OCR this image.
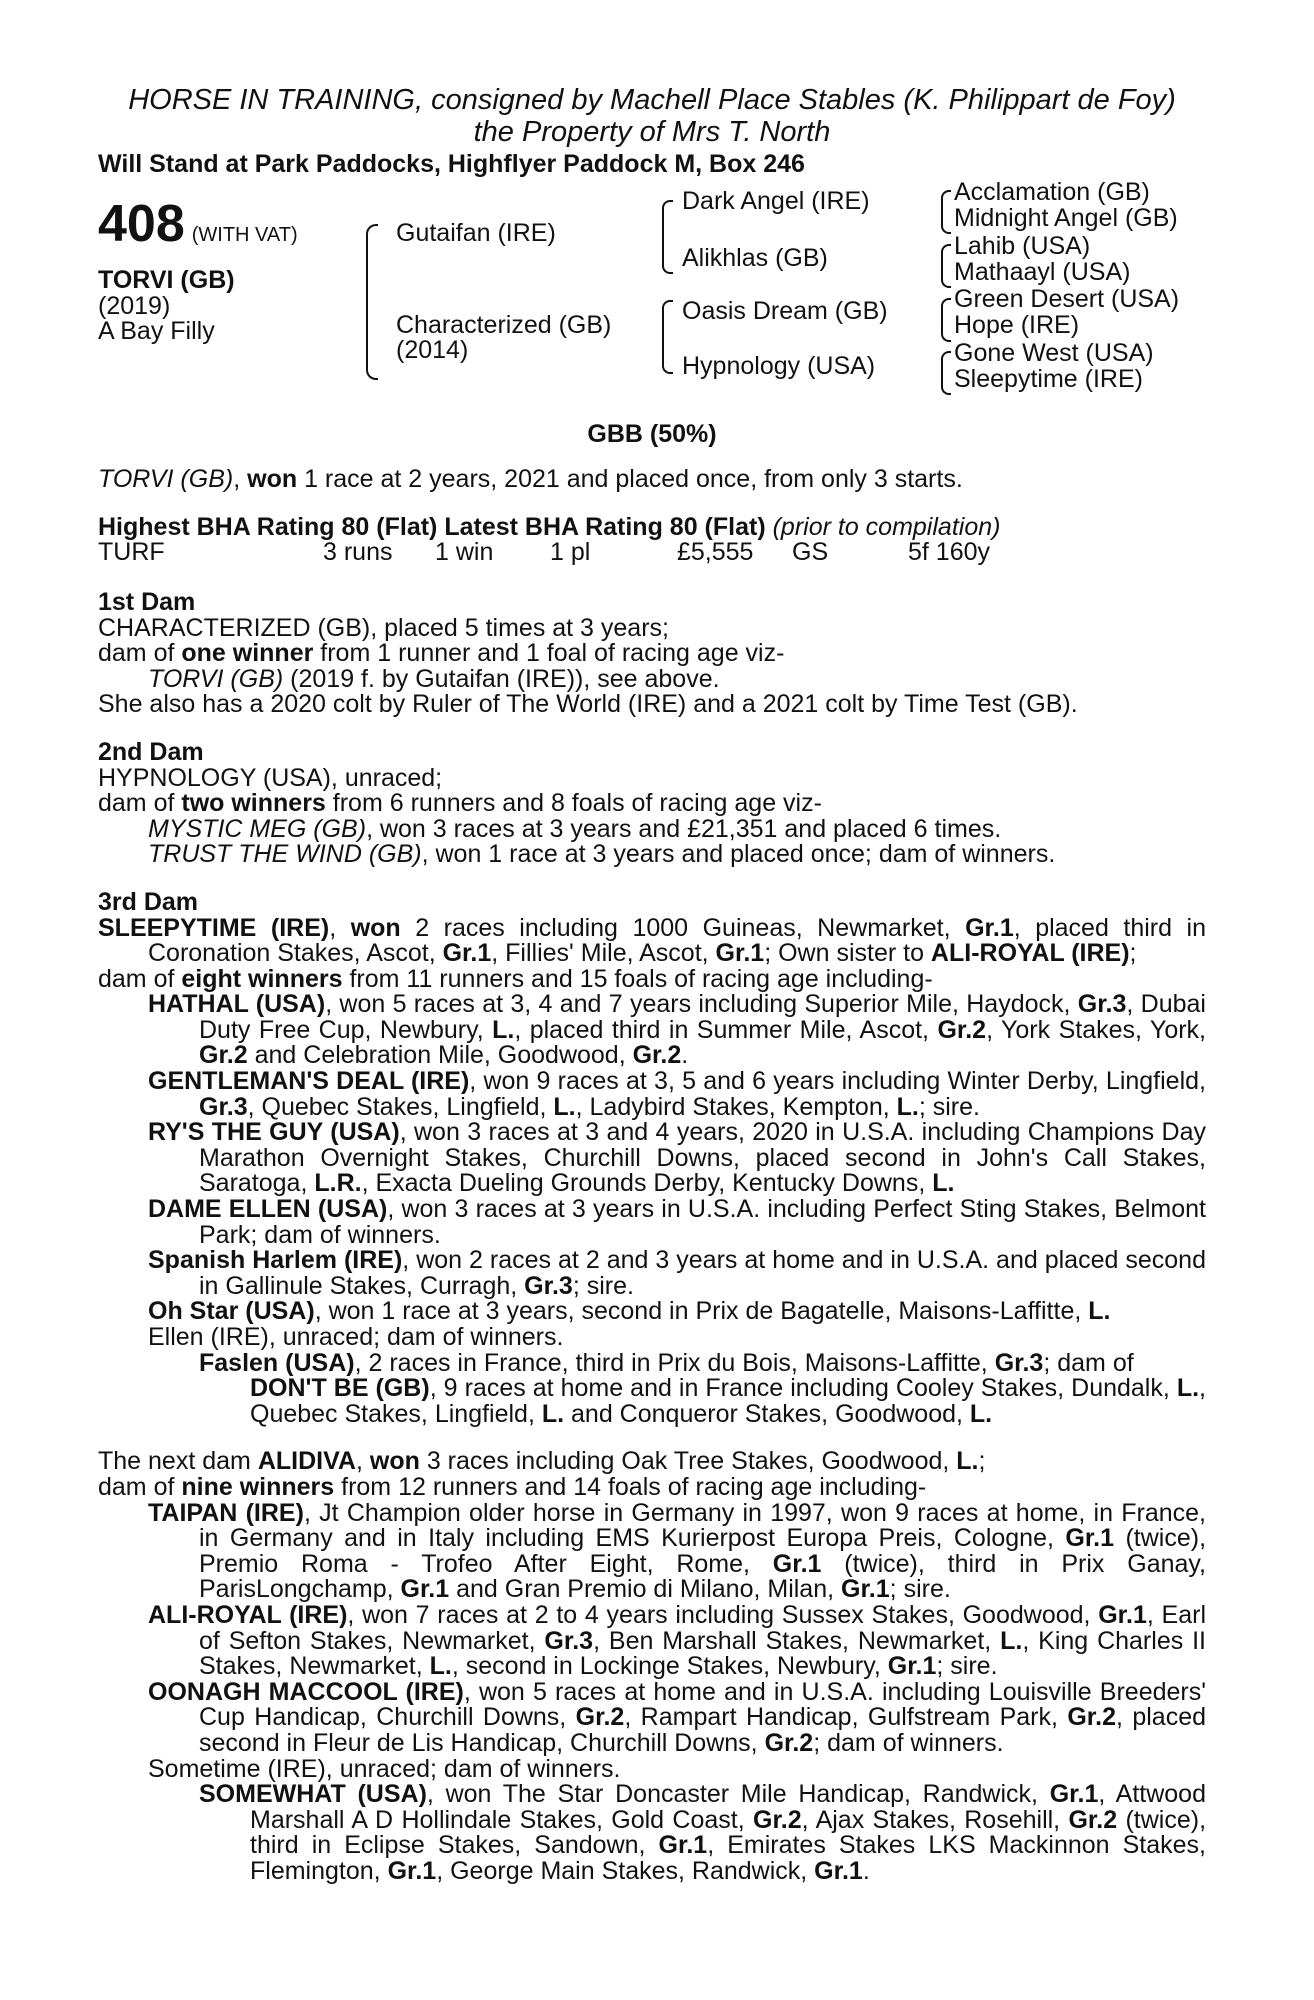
HORSE IN TRAINING, consigned by Machell Place Stables (K. Philippart de Foy)
the Property of Mrs T. North
Will Stand at Park Paddocks, Highflyer Paddock M, Box 246
408 (WITH VAT)
TORVI (GB)
(2019)
A Bay Filly
Gutaifan (IRE)
Characterized (GB)
(2014)
Dark Angel (IRE)
Alikhlas (GB)
Oasis Dream (GB)
Hypnology (USA)
Acclamation (GB)
Midnight Angel (GB)
Lahib (USA)
Mathaayl (USA)
Green Desert (USA)
Hope (IRE)
Gone West (USA)
Sleepytime (IRE)
GBB (50%)

TORVI (GB), won 1 race at 2 years, 2021 and placed once, from only 3 starts.

Highest BHA Rating 80 (Flat) Latest BHA Rating 80 (Flat) (prior to compilation)

TURF	3 runs 1 win 1 pl	£5,555 GS	5f 160y

1st Dam

CHARACTERIZED (GB), placed 5 times at 3 years;

dam of one winner from 1 runner and 1 foal of racing age viz-

TORVI (GB) (2019 f. by Gutaifan (IRE)), see above.

She also has a 2020 colt by Ruler of The World (IRE) and a 2021 colt by Time Test (GB).

2nd Dam

HYPNOLOGY (USA), unraced;

dam of two winners from 6 runners and 8 foals of racing age viz-

MYSTIC MEG (GB), won 3 races at 3 years and £21,351 and placed 6 times.

TRUST THE WIND (GB), won 1 race at 3 years and placed once; dam of winners.

3rd Dam

SLEEPYTIME (IRE), won 2 races including 1000 Guineas, Newmarket, Gr.1, placed third in Coronation Stakes, Ascot, Gr.1, Fillies' Mile, Ascot, Gr.1; Own sister to ALI-ROYAL (IRE);

dam of eight winners from 11 runners and 15 foals of racing age including-

HATHAL (USA), won 5 races at 3, 4 and 7 years including Superior Mile, Haydock, Gr.3, Dubai Duty Free Cup, Newbury, L., placed third in Summer Mile, Ascot, Gr.2, York Stakes, York, Gr.2 and Celebration Mile, Goodwood, Gr.2.

GENTLEMAN'S DEAL (IRE), won 9 races at 3, 5 and 6 years including Winter Derby, Lingfield, Gr.3, Quebec Stakes, Lingfield, L., Ladybird Stakes, Kempton, L.; sire.

RY'S THE GUY (USA), won 3 races at 3 and 4 years, 2020 in U.S.A. including Champions Day Marathon Overnight Stakes, Churchill Downs, placed second in John's Call Stakes, Saratoga, L.R., Exacta Dueling Grounds Derby, Kentucky Downs, L.

DAME ELLEN (USA), won 3 races at 3 years in U.S.A. including Perfect Sting Stakes, Belmont Park; dam of winners.

Spanish Harlem (IRE), won 2 races at 2 and 3 years at home and in U.S.A. and placed second in Gallinule Stakes, Curragh, Gr.3; sire.

Oh Star (USA), won 1 race at 3 years, second in Prix de Bagatelle, Maisons-Laffitte, L.

Ellen (IRE), unraced; dam of winners.

Faslen (USA), 2 races in France, third in Prix du Bois, Maisons-Laffitte, Gr.3; dam of

DON'T BE (GB), 9 races at home and in France including Cooley Stakes, Dundalk, L., Quebec Stakes, Lingfield, L. and Conqueror Stakes, Goodwood, L.

The next dam ALIDIVA, won 3 races including Oak Tree Stakes, Goodwood, L.;

dam of nine winners from 12 runners and 14 foals of racing age including-

TAIPAN (IRE), Jt Champion older horse in Germany in 1997, won 9 races at home, in France, in Germany and in Italy including EMS Kurierpost Europa Preis, Cologne, Gr.1 (twice), Premio Roma - Trofeo After Eight, Rome, Gr.1 (twice), third in Prix Ganay, ParisLongchamp, Gr.1 and Gran Premio di Milano, Milan, Gr.1; sire.

ALI-ROYAL (IRE), won 7 races at 2 to 4 years including Sussex Stakes, Goodwood, Gr.1, Earl of Sefton Stakes, Newmarket, Gr.3, Ben Marshall Stakes, Newmarket, L., King Charles II Stakes, Newmarket, L., second in Lockinge Stakes, Newbury, Gr.1; sire.

OONAGH MACCOOL (IRE), won 5 races at home and in U.S.A. including Louisville Breeders' Cup Handicap, Churchill Downs, Gr.2, Rampart Handicap, Gulfstream Park, Gr.2, placed second in Fleur de Lis Handicap, Churchill Downs, Gr.2; dam of winners.

Sometime (IRE), unraced; dam of winners.

SOMEWHAT (USA), won The Star Doncaster Mile Handicap, Randwick, Gr.1, Attwood Marshall A D Hollindale Stakes, Gold Coast, Gr.2, Ajax Stakes, Rosehill, Gr.2 (twice), third in Eclipse Stakes, Sandown, Gr.1, Emirates Stakes LKS Mackinnon Stakes, Flemington, Gr.1, George Main Stakes, Randwick, Gr.1.
